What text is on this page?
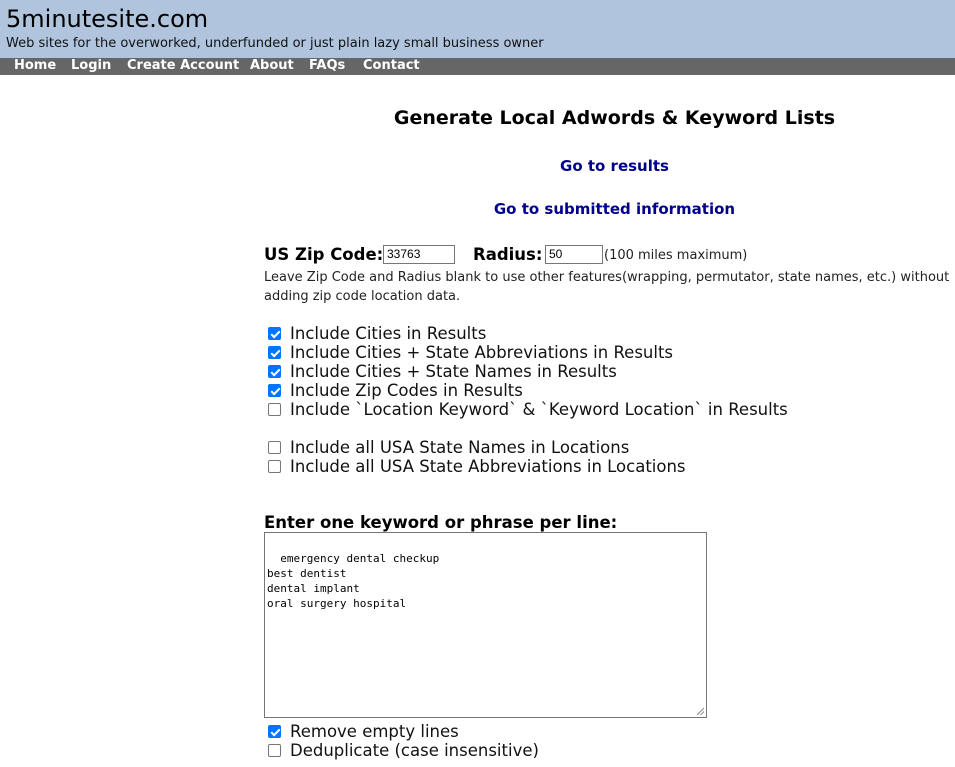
5minutesite.com
Web sites for the overworked, underfunded or just plain lazy small business owner
Home Login Create Account About FAQs Contact
Generate Local Adwords & Keyword Lists
Go to results
Go to submitted information
US Zip Code: 33763	Radius: 50	(100 miles maximum)
Leave Zip Code and Radius blank to use other features(wrapping, permutator, state names, etc.) without adding zip code location data.
Include Cities in Results
Include Cities + State Abbreviations in Results
Include Cities + State Names in Results
Include Zip Codes in Results
Include `Location Keyword` & `Keyword Location` in Results
Include all USA State Names in Locations
Include all USA State Abbreviations in Locations
Enter one keyword or phrase per line:

emergency dental checkup
best dentist
dental implant
oral surgery hospital

Remove empty lines
Deduplicate (case insensitive)
